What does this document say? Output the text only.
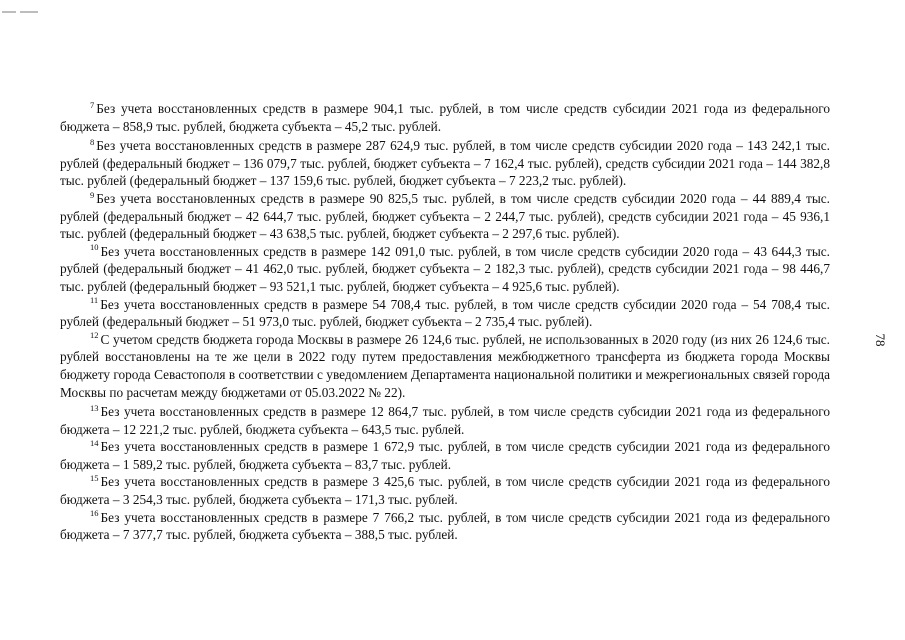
$^7$ Без учета восстановленных средств в размере 904,1 тыс. рублей, в том числе средств субсидии 2021 года из федерального бюджета – 858,9 тыс. рублей, бюджета субъекта – 45,2 тыс. рублей.

$^8$ Без учета восстановленных средств в размере 287 624,9 тыс. рублей, в том числе средств субсидии 2020 года – 143 242,1 тыс. рублей (федеральный бюджет – 136 079,7 тыс. рублей, бюджет субъекта – 7 162,4 тыс. рублей), средств субсидии 2021 года – 144 382,8 тыс. рублей (федеральный бюджет – 137 159,6 тыс. рублей, бюджет субъекта – 7 223,2 тыс. рублей).

$^9$ Без учета восстановленных средств в размере 90 825,5 тыс. рублей, в том числе средств субсидии 2020 года – 44 889,4 тыс. рублей (федеральный бюджет – 42 644,7 тыс. рублей, бюджет субъекта – 2 244,7 тыс. рублей), средств субсидии 2021 года – 45 936,1 тыс. рублей (федеральный бюджет – 43 638,5 тыс. рублей, бюджет субъекта – 2 297,6 тыс. рублей).

$^{10}$ Без учета восстановленных средств в размере 142 091,0 тыс. рублей, в том числе средств субсидии 2020 года – 43 644,3 тыс. рублей (федеральный бюджет – 41 462,0 тыс. рублей, бюджет субъекта – 2 182,3 тыс. рублей), средств субсидии 2021 года – 98 446,7 тыс. рублей (федеральный бюджет – 93 521,1 тыс. рублей, бюджет субъекта – 4 925,6 тыс. рублей).

$^{11}$ Без учета восстановленных средств в размере 54 708,4 тыс. рублей, в том числе средств субсидии 2020 года – 54 708,4 тыс. рублей (федеральный бюджет – 51 973,0 тыс. рублей, бюджет субъекта – 2 735,4 тыс. рублей).

$^{12}$ С учетом средств бюджета города Москвы в размере 26 124,6 тыс. рублей, не использованных в 2020 году (из них 26 124,6 тыс. рублей восстановлены на те же цели в 2022 году путем предоставления межбюджетного трансферта из бюджета города Москвы бюджету города Севастополя в соответствии с уведомлением Департамента национальной политики и межрегиональных связей города Москвы по расчетам между бюджетами от 05.03.2022 № 22).

$^{13}$ Без учета восстановленных средств в размере 12 864,7 тыс. рублей, в том числе средств субсидии 2021 года из федерального бюджета – 12 221,2 тыс. рублей, бюджета субъекта – 643,5 тыс. рублей.

$^{14}$ Без учета восстановленных средств в размере 1 672,9 тыс. рублей, в том числе средств субсидии 2021 года из федерального бюджета – 1 589,2 тыс. рублей, бюджета субъекта – 83,7 тыс. рублей.

$^{15}$ Без учета восстановленных средств в размере 3 425,6 тыс. рублей, в том числе средств субсидии 2021 года из федерального бюджета – 3 254,3 тыс. рублей, бюджета субъекта – 171,3 тыс. рублей.

$^{16}$ Без учета восстановленных средств в размере 7 766,2 тыс. рублей, в том числе средств субсидии 2021 года из федерального бюджета – 7 377,7 тыс. рублей, бюджета субъекта – 388,5 тыс. рублей.

78
